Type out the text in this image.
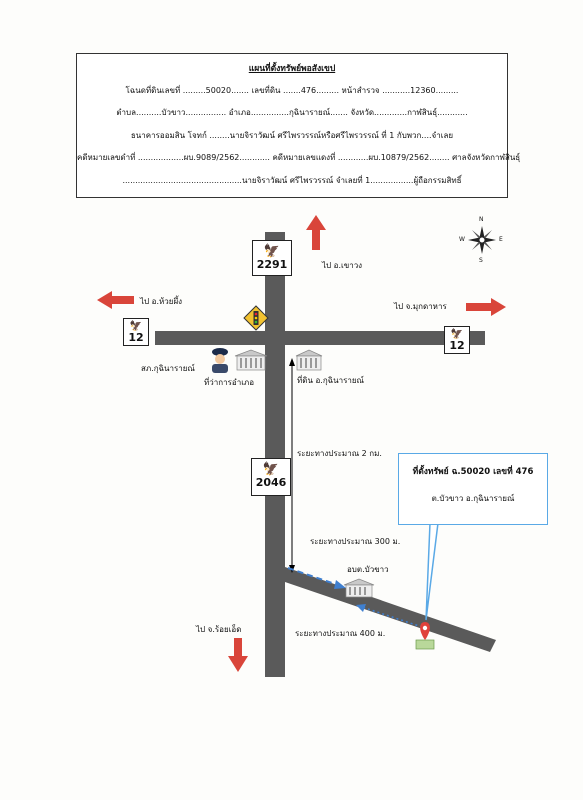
แผนที่ตั้งทรัพย์พอสังเขป
โฉนดที่ดินเลขที่ .........50020....... เลขที่ดิน .......476......... หน้าสำรวจ ...........12360.........
ตำบล..........บัวขาว................ อำเภอ...............กุฉินารายณ์....... จังหวัด.............กาฬสินธุ์............
ธนาคารออมสิน โจทก์ ........นายจิราวัฒน์ ศรีไพรวรรณ์หรือศรีไพรวรรณ์ ที่ 1 กับพวก....จำเลย
คดีหมายเลขดำที่ ..................ผบ.9089/2562............ คดีหมายเลขแดงที่ ............ผบ.10879/2562........ ศาลจังหวัดกาฬสินธุ์
...............................................นายจิราวัฒน์ ศรีไพรวรรณ์ จำเลยที่ 1.................ผู้ถือกรรมสิทธิ์
🦅
2291
🦅
12	🦅
12
🦅
2046
N
S
E
W
ไป อ.เขาวง
ไป อ.ห้วยผึ้ง
ไป จ.มุกดาหาร
สภ.กุฉินารายณ์
ที่ว่าการอำเภอ	ที่ดิน อ.กุฉินารายณ์
ระยะทางประมาณ 2 กม.
ระยะทางประมาณ 300 ม.
อบต.บัวขาว
ระยะทางประมาณ 400 ม.
ไป จ.ร้อยเอ็ด
ที่ตั้งทรัพย์ ฉ.50020 เลขที่ 476
ต.บัวขาว อ.กุฉินารายณ์
